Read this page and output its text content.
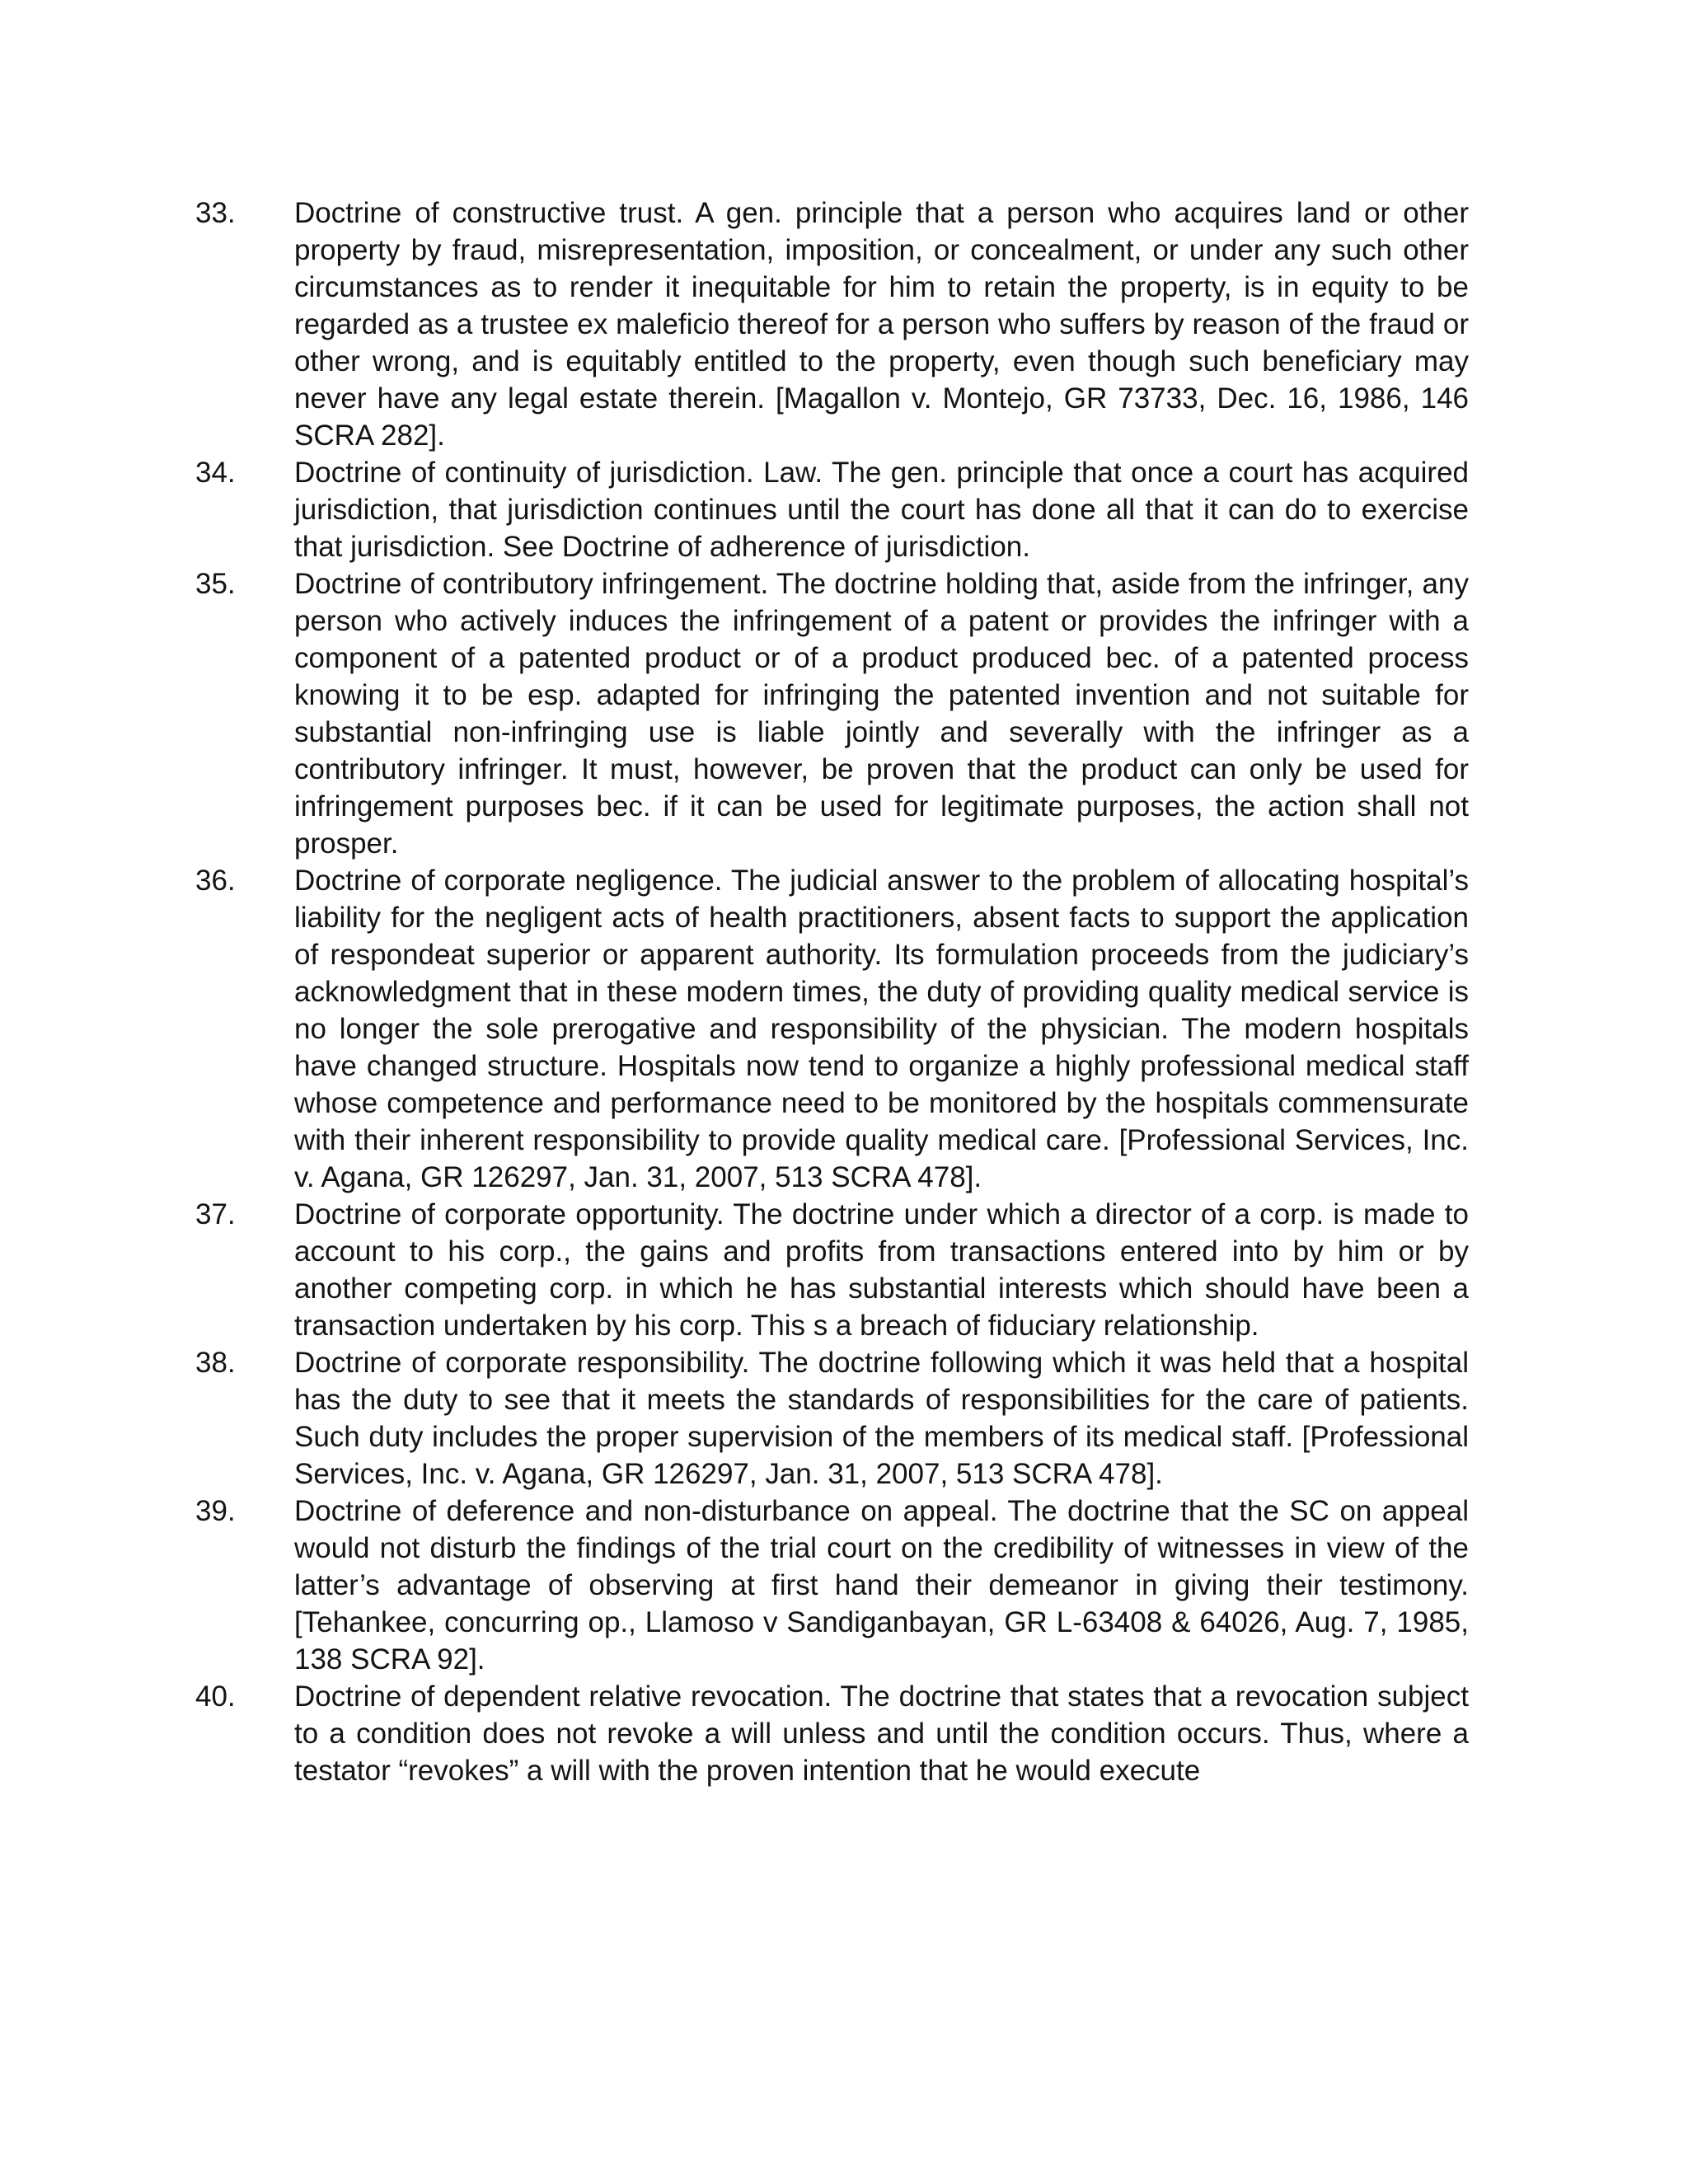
33.	Doctrine of constructive trust. A gen. principle that a person who acquires land or other property by fraud, misrepresentation, imposition, or concealment, or under any such other circumstances as to render it inequitable for him to retain the property, is in equity to be regarded as a trustee ex maleficio thereof for a person who suffers by reason of the fraud or other wrong, and is equitably entitled to the property, even though such beneficiary may never have any legal estate therein. [Magallon v. Montejo, GR 73733, Dec. 16, 1986, 146 SCRA 282].
34.	Doctrine of continuity of jurisdiction. Law. The gen. principle that once a court has acquired jurisdiction, that jurisdiction continues until the court has done all that it can do to exercise that jurisdiction. See Doctrine of adherence of jurisdiction.
35.	Doctrine of contributory infringement. The doctrine holding that, aside from the infringer, any person who actively induces the infringement of a patent or provides the infringer with a component of a patented product or of a product produced bec. of a patented process knowing it to be esp. adapted for infringing the patented invention and not suitable for substantial non-infringing use is liable jointly and severally with the infringer as a contributory infringer. It must, however, be proven that the product can only be used for infringement purposes bec. if it can be used for legitimate purposes, the action shall not prosper.
36.	Doctrine of corporate negligence. The judicial answer to the problem of allocating hospital’s liability for the negligent acts of health practitioners, absent facts to support the application of respondeat superior or apparent authority. Its formulation proceeds from the judiciary’s acknowledgment that in these modern times, the duty of providing quality medical service is no longer the sole prerogative and responsibility of the physician. The modern hospitals have changed structure. Hospitals now tend to organize a highly professional medical staff whose competence and performance need to be monitored by the hospitals commensurate with their inherent responsibility to provide quality medical care. [Professional Services, Inc. v. Agana, GR 126297, Jan. 31, 2007, 513 SCRA 478].
37.	Doctrine of corporate opportunity. The doctrine under which a director of a corp. is made to account to his corp., the gains and profits from transactions entered into by him or by another competing corp. in which he has substantial interests which should have been a transaction undertaken by his corp. This s a breach of fiduciary relationship.
38.	Doctrine of corporate responsibility. The doctrine following which it was held that a hospital has the duty to see that it meets the standards of responsibilities for the care of patients. Such duty includes the proper supervision of the members of its medical staff. [Professional Services, Inc. v. Agana, GR 126297, Jan. 31, 2007, 513 SCRA 478].
39.	Doctrine of deference and non-disturbance on appeal. The doctrine that the SC on appeal would not disturb the findings of the trial court on the credibility of witnesses in view of the latter’s advantage of observing at first hand their demeanor in giving their testimony. [Tehankee, concurring op., Llamoso v Sandiganbayan, GR L-63408 & 64026, Aug. 7, 1985, 138 SCRA 92].
40.	Doctrine of dependent relative revocation. The doctrine that states that a revocation subject to a condition does not revoke a will unless and until the condition occurs. Thus, where a testator “revokes” a will with the proven intention that he would execute
